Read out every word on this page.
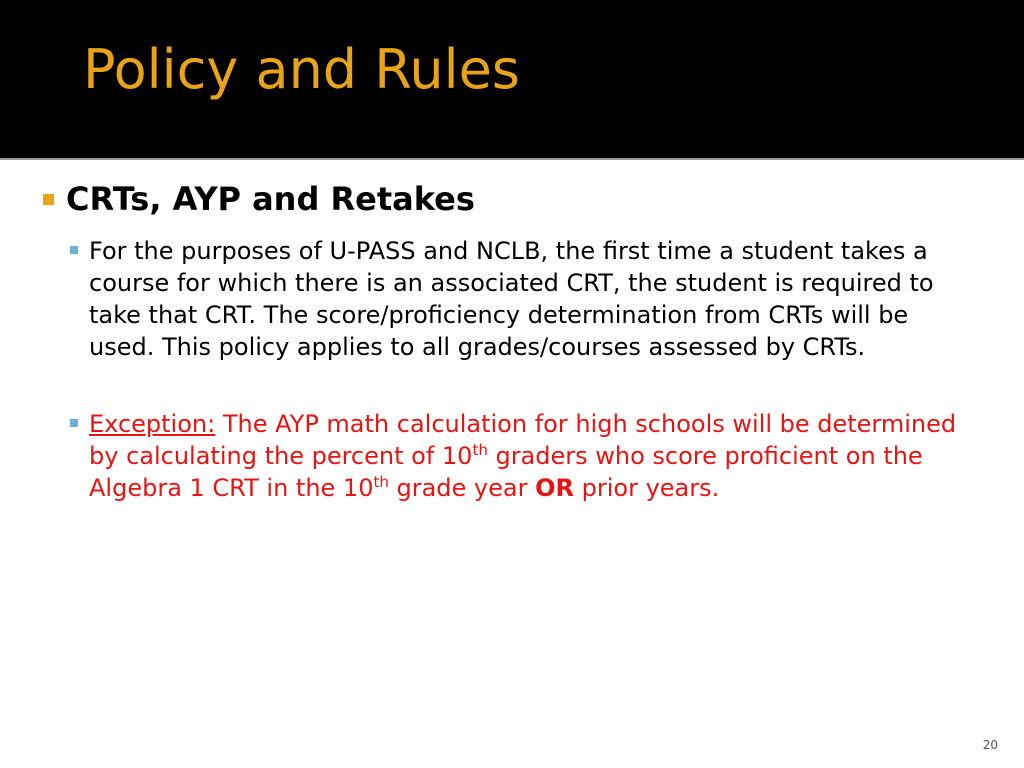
Policy and Rules

CRTs, AYP and Retakes

For the purposes of U-PASS and NCLB, the first time a student takes a course for which there is an associated CRT, the student is required to take that CRT. The score/proficiency determination from CRTs will be used. This policy applies to all grades/courses assessed by CRTs.

Exception: The AYP math calculation for high schools will be determined by calculating the percent of 10th graders who score proficient on the Algebra 1 CRT in the 10th grade year OR prior years.

20
